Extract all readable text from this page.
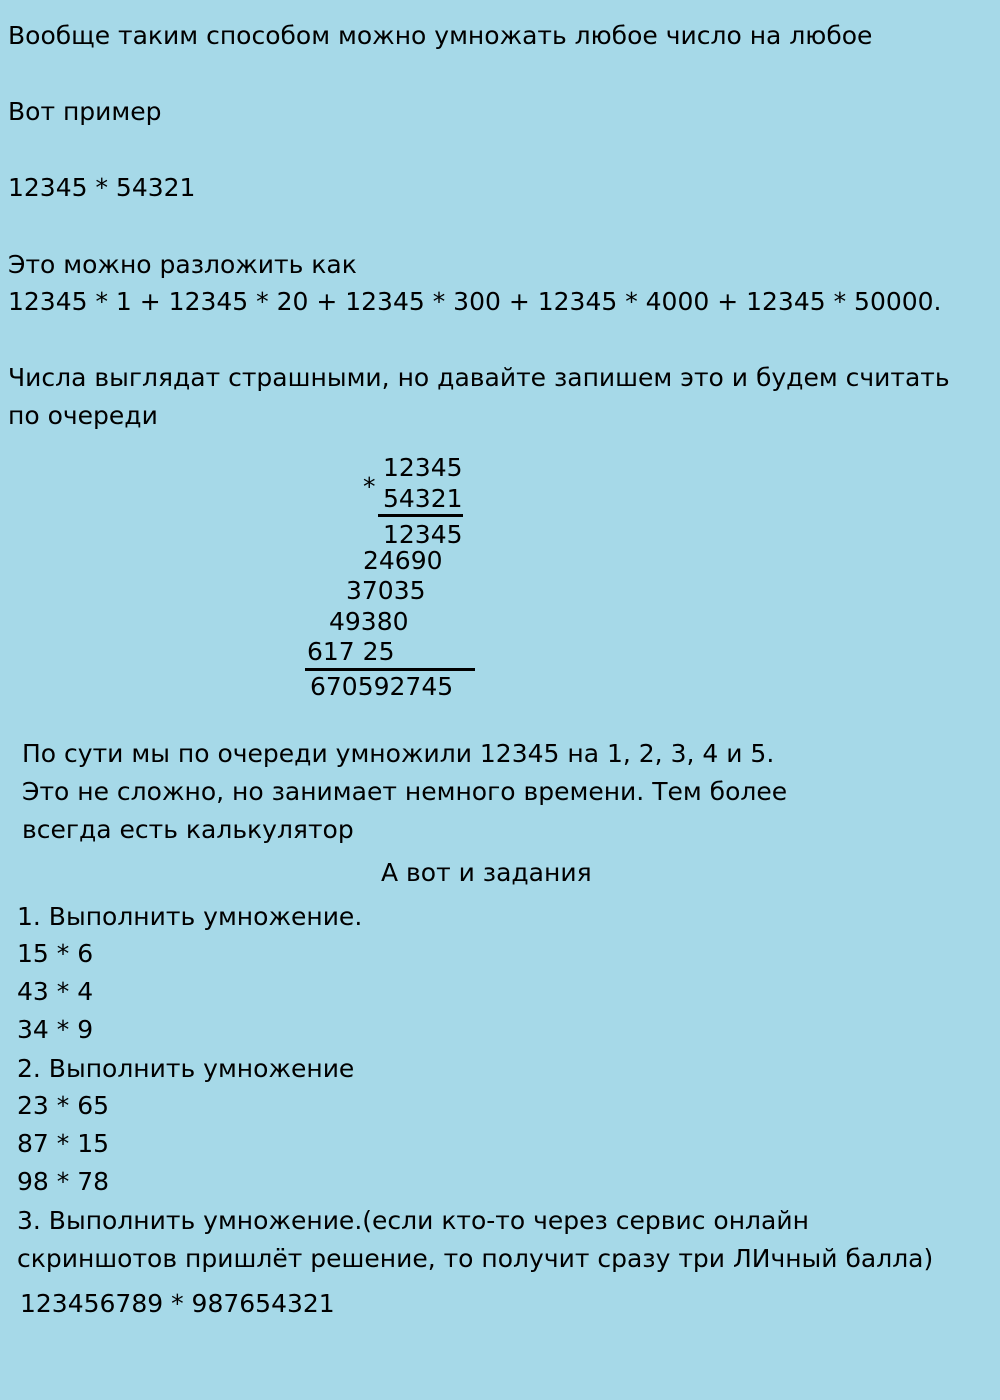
Вообще таким способом можно умножать любое число на любое

Вот пример

12345 * 54321

Это можно разложить как

12345 * 1 + 12345 * 20 + 12345 * 300 + 12345 * 4000 + 12345 * 50000.

Числа выглядат страшными, но давайте запишем это и будем считать по очереди

12345
* 54321
12345
24690
37035
49380
617 25
670592745

По сути мы по очереди умножили 12345 на 1, 2, 3, 4 и 5.

Это не сложно, но занимает немного времени. Тем более

всегда есть калькулятор

А вот и задания

1. Выполнить умножение.

15 * 6

43 * 4

34 * 9

2. Выполнить умножение

23 * 65

87 * 15

98 * 78

3. Выполнить умножение.(если кто-то через сервис онлайн

скриншотов пришлёт решение, то получит сразу три ЛИчный балла)

123456789 * 987654321
